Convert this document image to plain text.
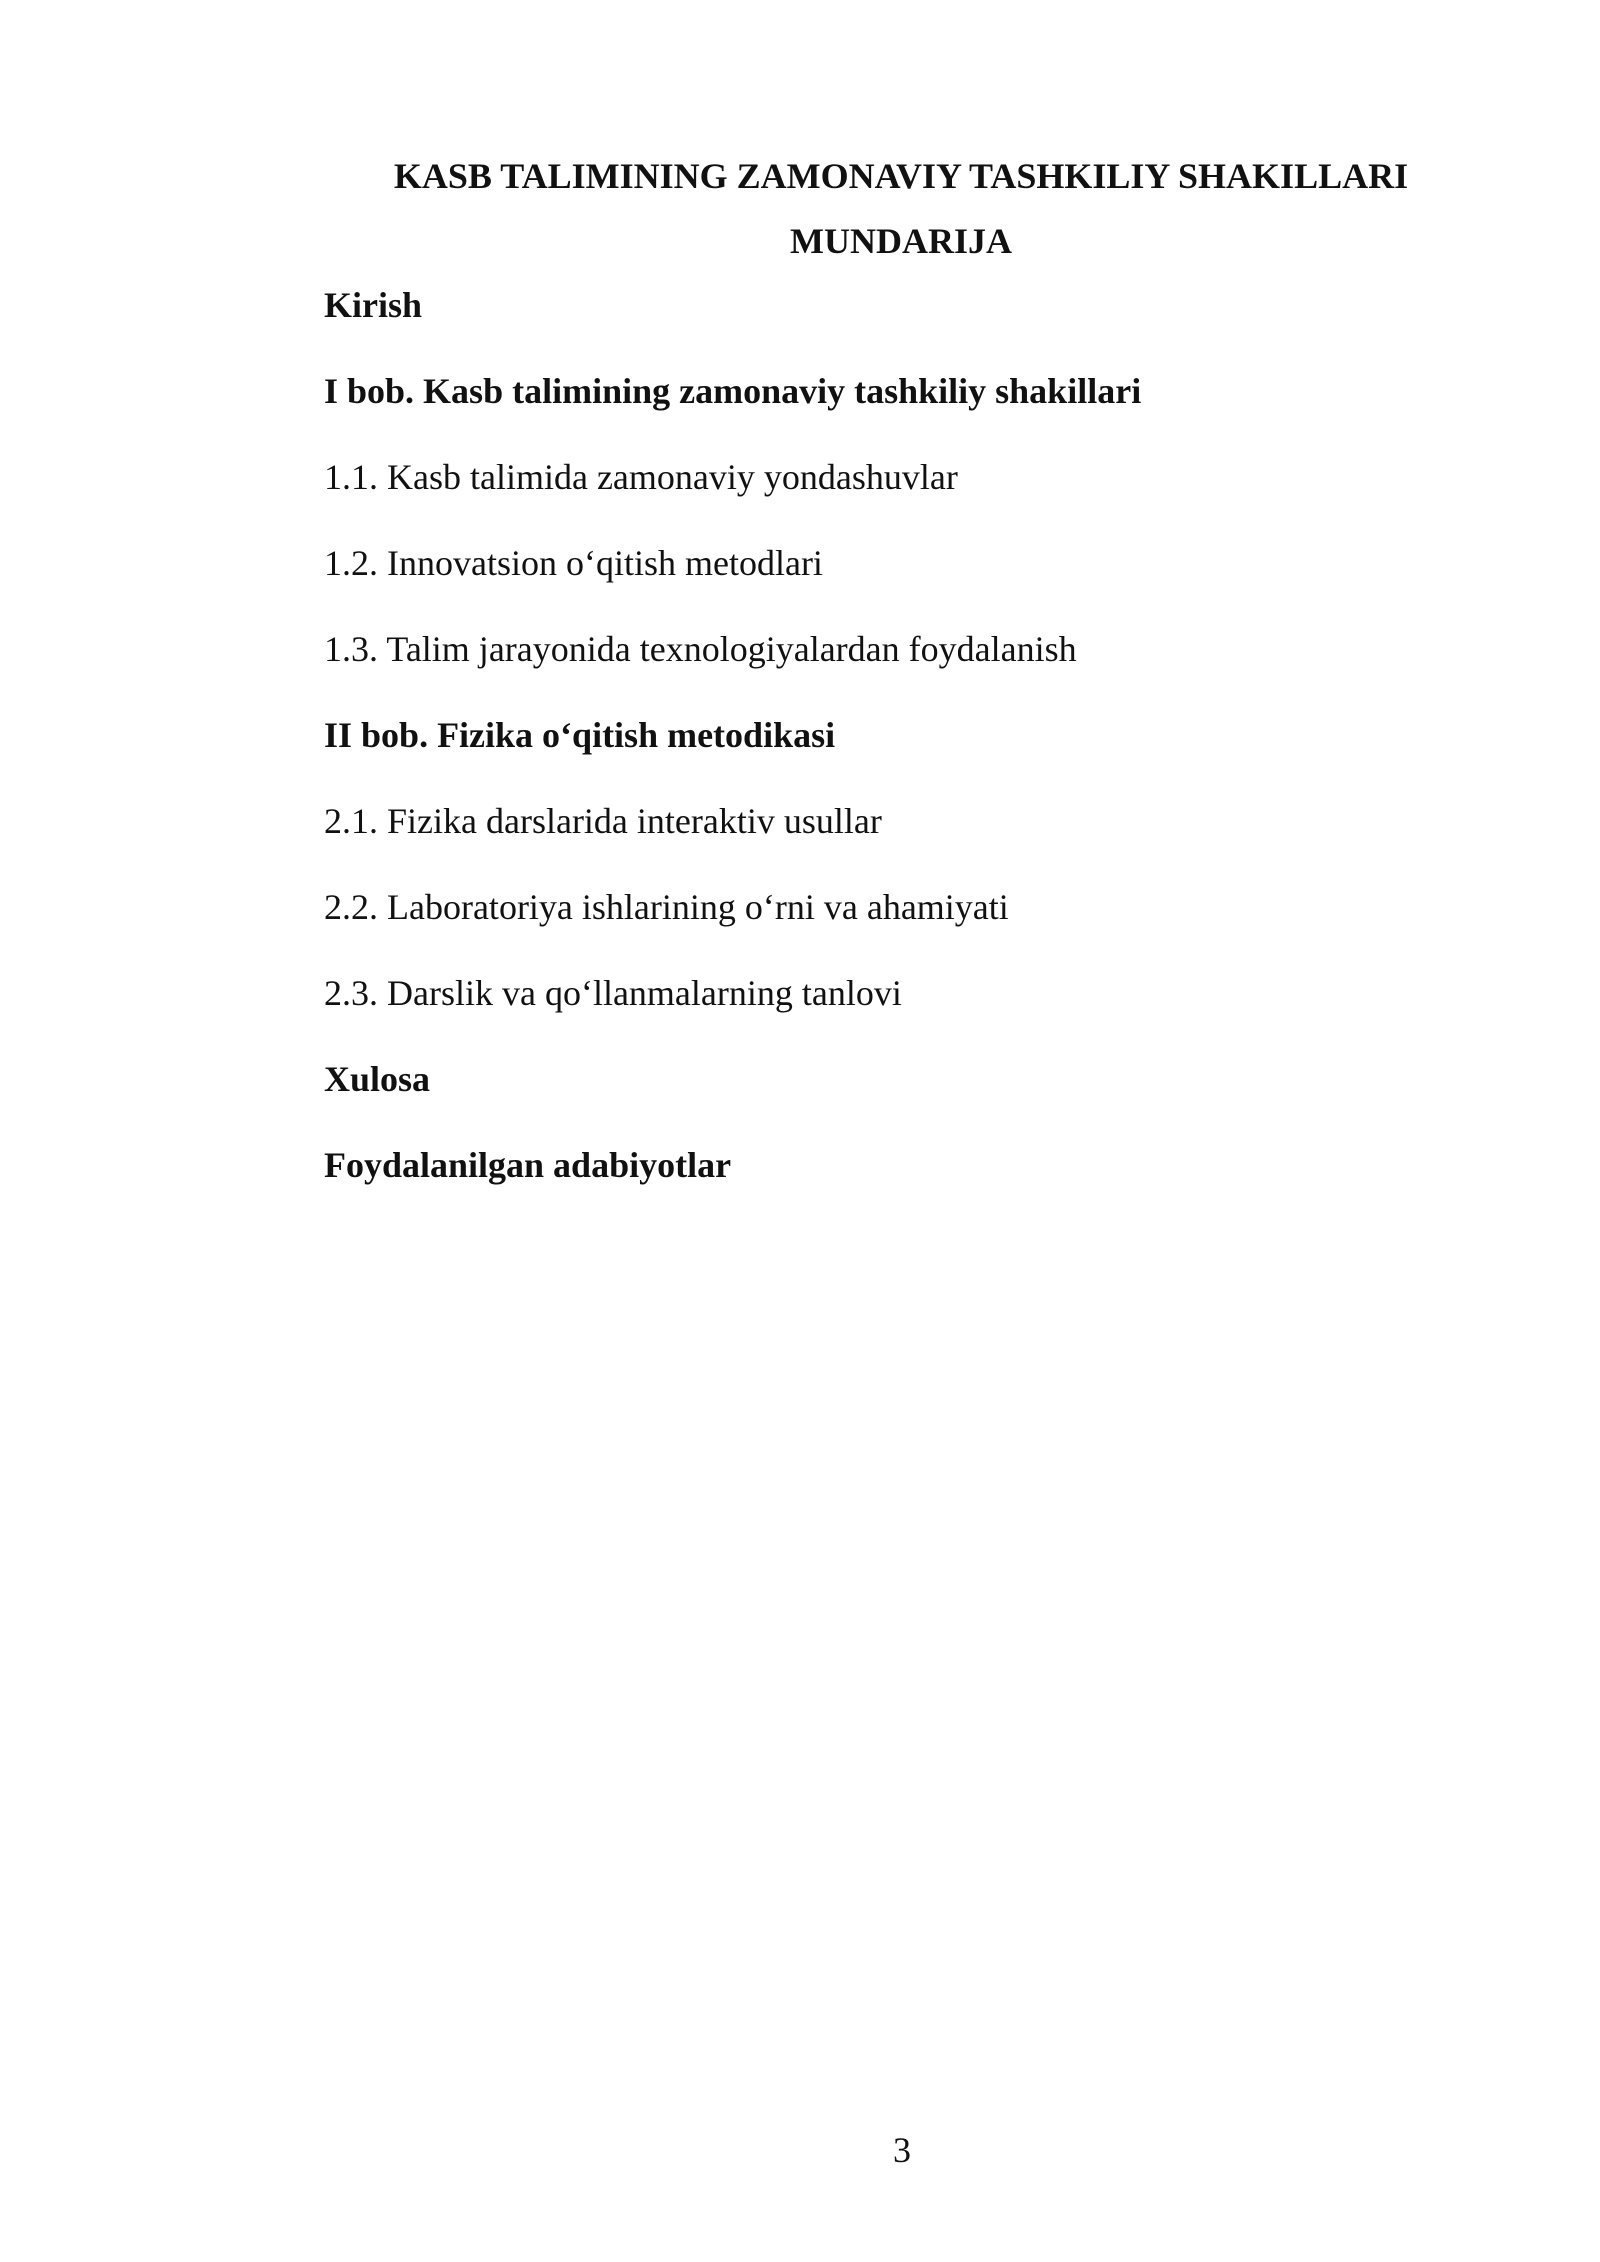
KASB TALIMINING ZAMONAVIY TASHKILIY SHAKILLARI
MUNDARIJA
Kirish
I bob. Kasb talimining zamonaviy tashkiliy shakillari
1.1. Kasb talimida zamonaviy yondashuvlar
1.2. Innovatsion o‘qitish metodlari
1.3. Talim jarayonida texnologiyalardan foydalanish
II bob. Fizika o‘qitish metodikasi
2.1. Fizika darslarida interaktiv usullar
2.2. Laboratoriya ishlarining o‘rni va ahamiyati
2.3. Darslik va qo‘llanmalarning tanlovi
Xulosa
Foydalanilgan adabiyotlar
3
